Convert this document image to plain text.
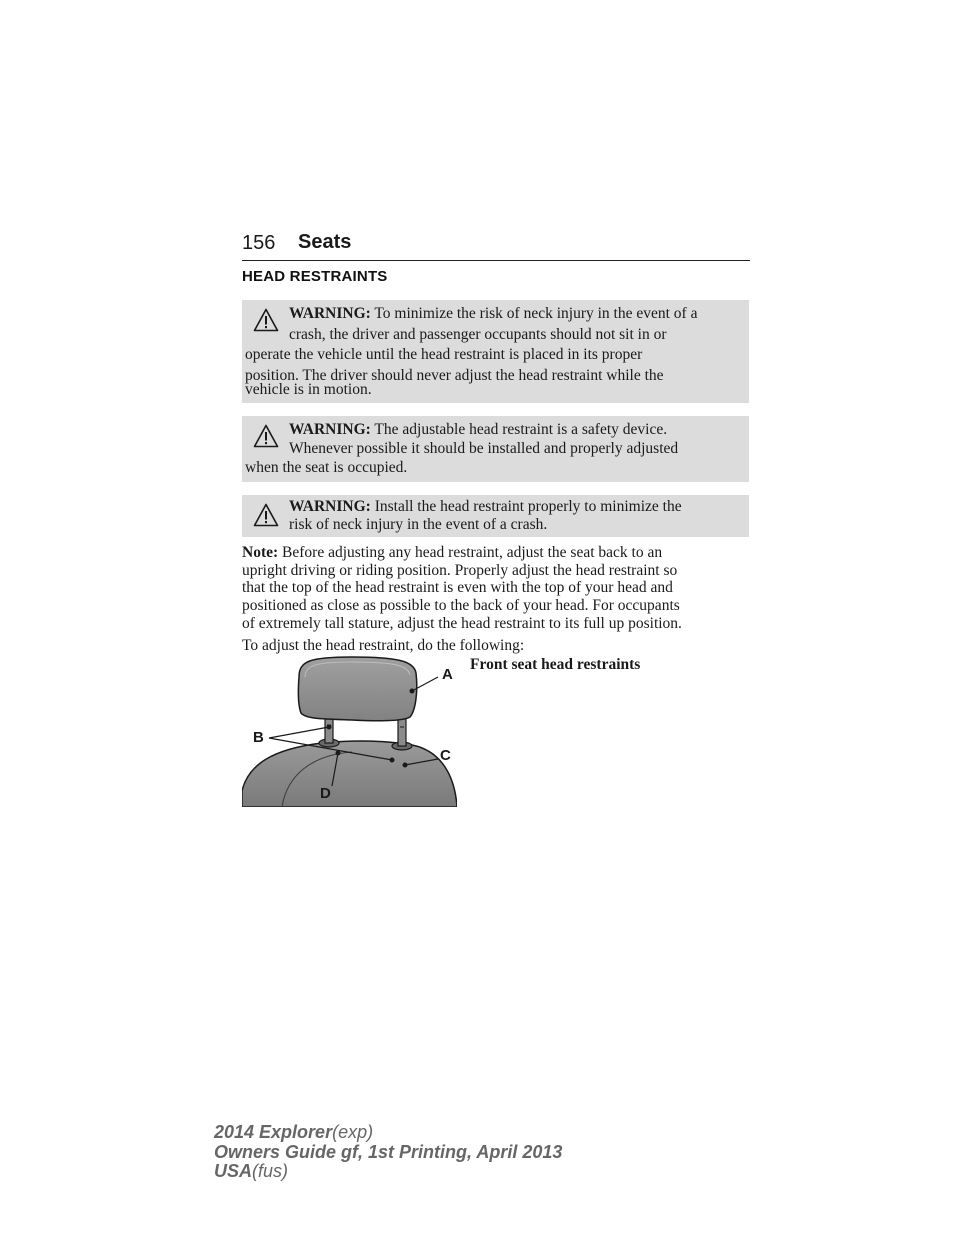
156 Seats
HEAD RESTRAINTS
WARNING: To minimize the risk of neck injury in the event of a
crash, the driver and passenger occupants should not sit in or
operate the vehicle until the head restraint is placed in its proper
position. The driver should never adjust the head restraint while the
vehicle is in motion.
WARNING: The adjustable head restraint is a safety device.
Whenever possible it should be installed and properly adjusted
when the seat is occupied.
WARNING: Install the head restraint properly to minimize the
risk of neck injury in the event of a crash.
Note: Before adjusting any head restraint, adjust the seat back to an
upright driving or riding position. Properly adjust the head restraint so
that the top of the head restraint is even with the top of your head and
positioned as close as possible to the back of your head. For occupants
of extremely tall stature, adjust the head restraint to its full up position.
To adjust the head restraint, do the following:
A
B
C
D
Front seat head restraints
2014 Explorer(exp)
Owners Guide gf, 1st Printing, April 2013
USA(fus)
